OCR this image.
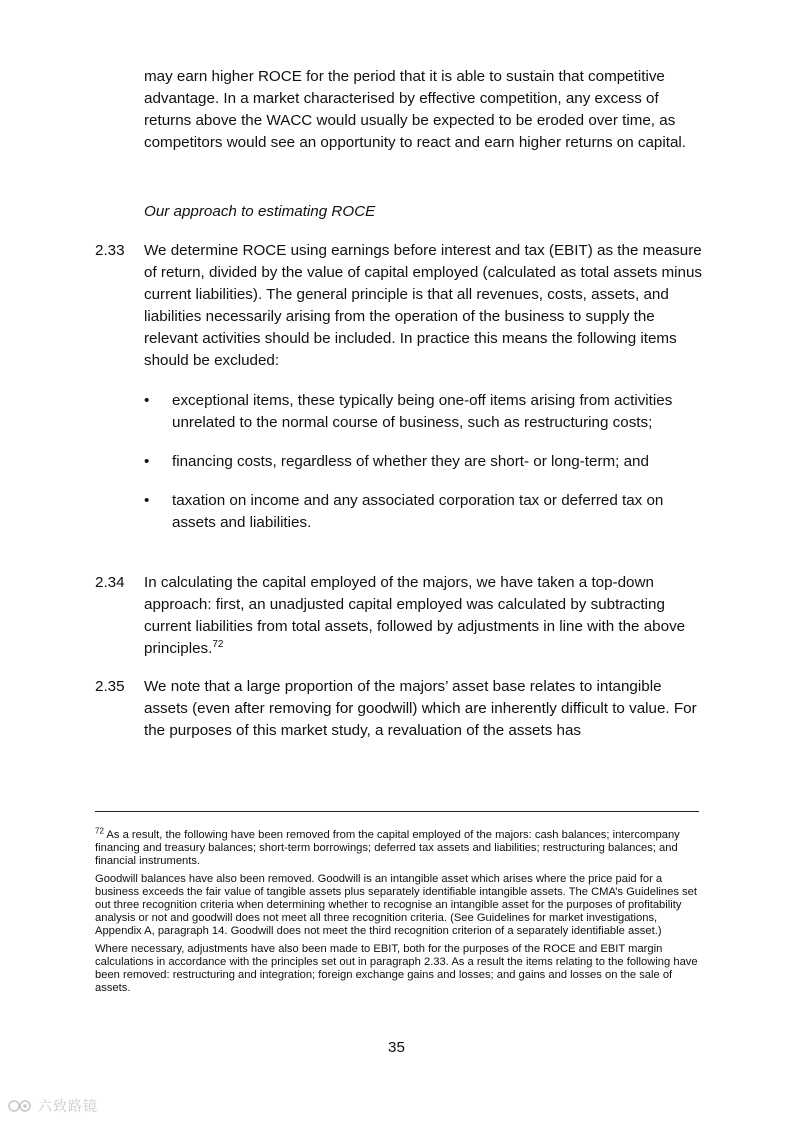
may earn higher ROCE for the period that it is able to sustain that competitive advantage. In a market characterised by effective competition, any excess of returns above the WACC would usually be expected to be eroded over time, as competitors would see an opportunity to react and earn higher returns on capital.
Our approach to estimating ROCE
2.33	We determine ROCE using earnings before interest and tax (EBIT) as the measure of return, divided by the value of capital employed (calculated as total assets minus current liabilities). The general principle is that all revenues, costs, assets, and liabilities necessarily arising from the operation of the business to supply the relevant activities should be included. In practice this means the following items should be excluded:
•	exceptional items, these typically being one-off items arising from activities unrelated to the normal course of business, such as restructuring costs;
•	financing costs, regardless of whether they are short- or long-term; and
•	taxation on income and any associated corporation tax or deferred tax on assets and liabilities.
2.34	In calculating the capital employed of the majors, we have taken a top-down approach: first, an unadjusted capital employed was calculated by subtracting current liabilities from total assets, followed by adjustments in line with the above principles.$^{72}$
2.35	We note that a large proportion of the majors’ asset base relates to intangible assets (even after removing for goodwill) which are inherently difficult to value. For the purposes of this market study, a revaluation of the assets has

$^{72}$ As a result, the following have been removed from the capital employed of the majors: cash balances; intercompany financing and treasury balances; short-term borrowings; deferred tax assets and liabilities; restructuring balances; and financial instruments.

Goodwill balances have also been removed. Goodwill is an intangible asset which arises where the price paid for a business exceeds the fair value of tangible assets plus separately identifiable intangible assets. The CMA’s Guidelines set out three recognition criteria when determining whether to recognise an intangible asset for the purposes of profitability analysis or not and goodwill does not meet all three recognition criteria. (See Guidelines for market investigations, Appendix A, paragraph 14. Goodwill does not meet the third recognition criterion of a separately identifiable asset.)

Where necessary, adjustments have also been made to EBIT, both for the purposes of the ROCE and EBIT margin calculations in accordance with the principles set out in paragraph 2.33. As a result the items relating to the following have been removed: restructuring and integration; foreign exchange gains and losses; and gains and losses on the sale of assets.

35
六致路镜
